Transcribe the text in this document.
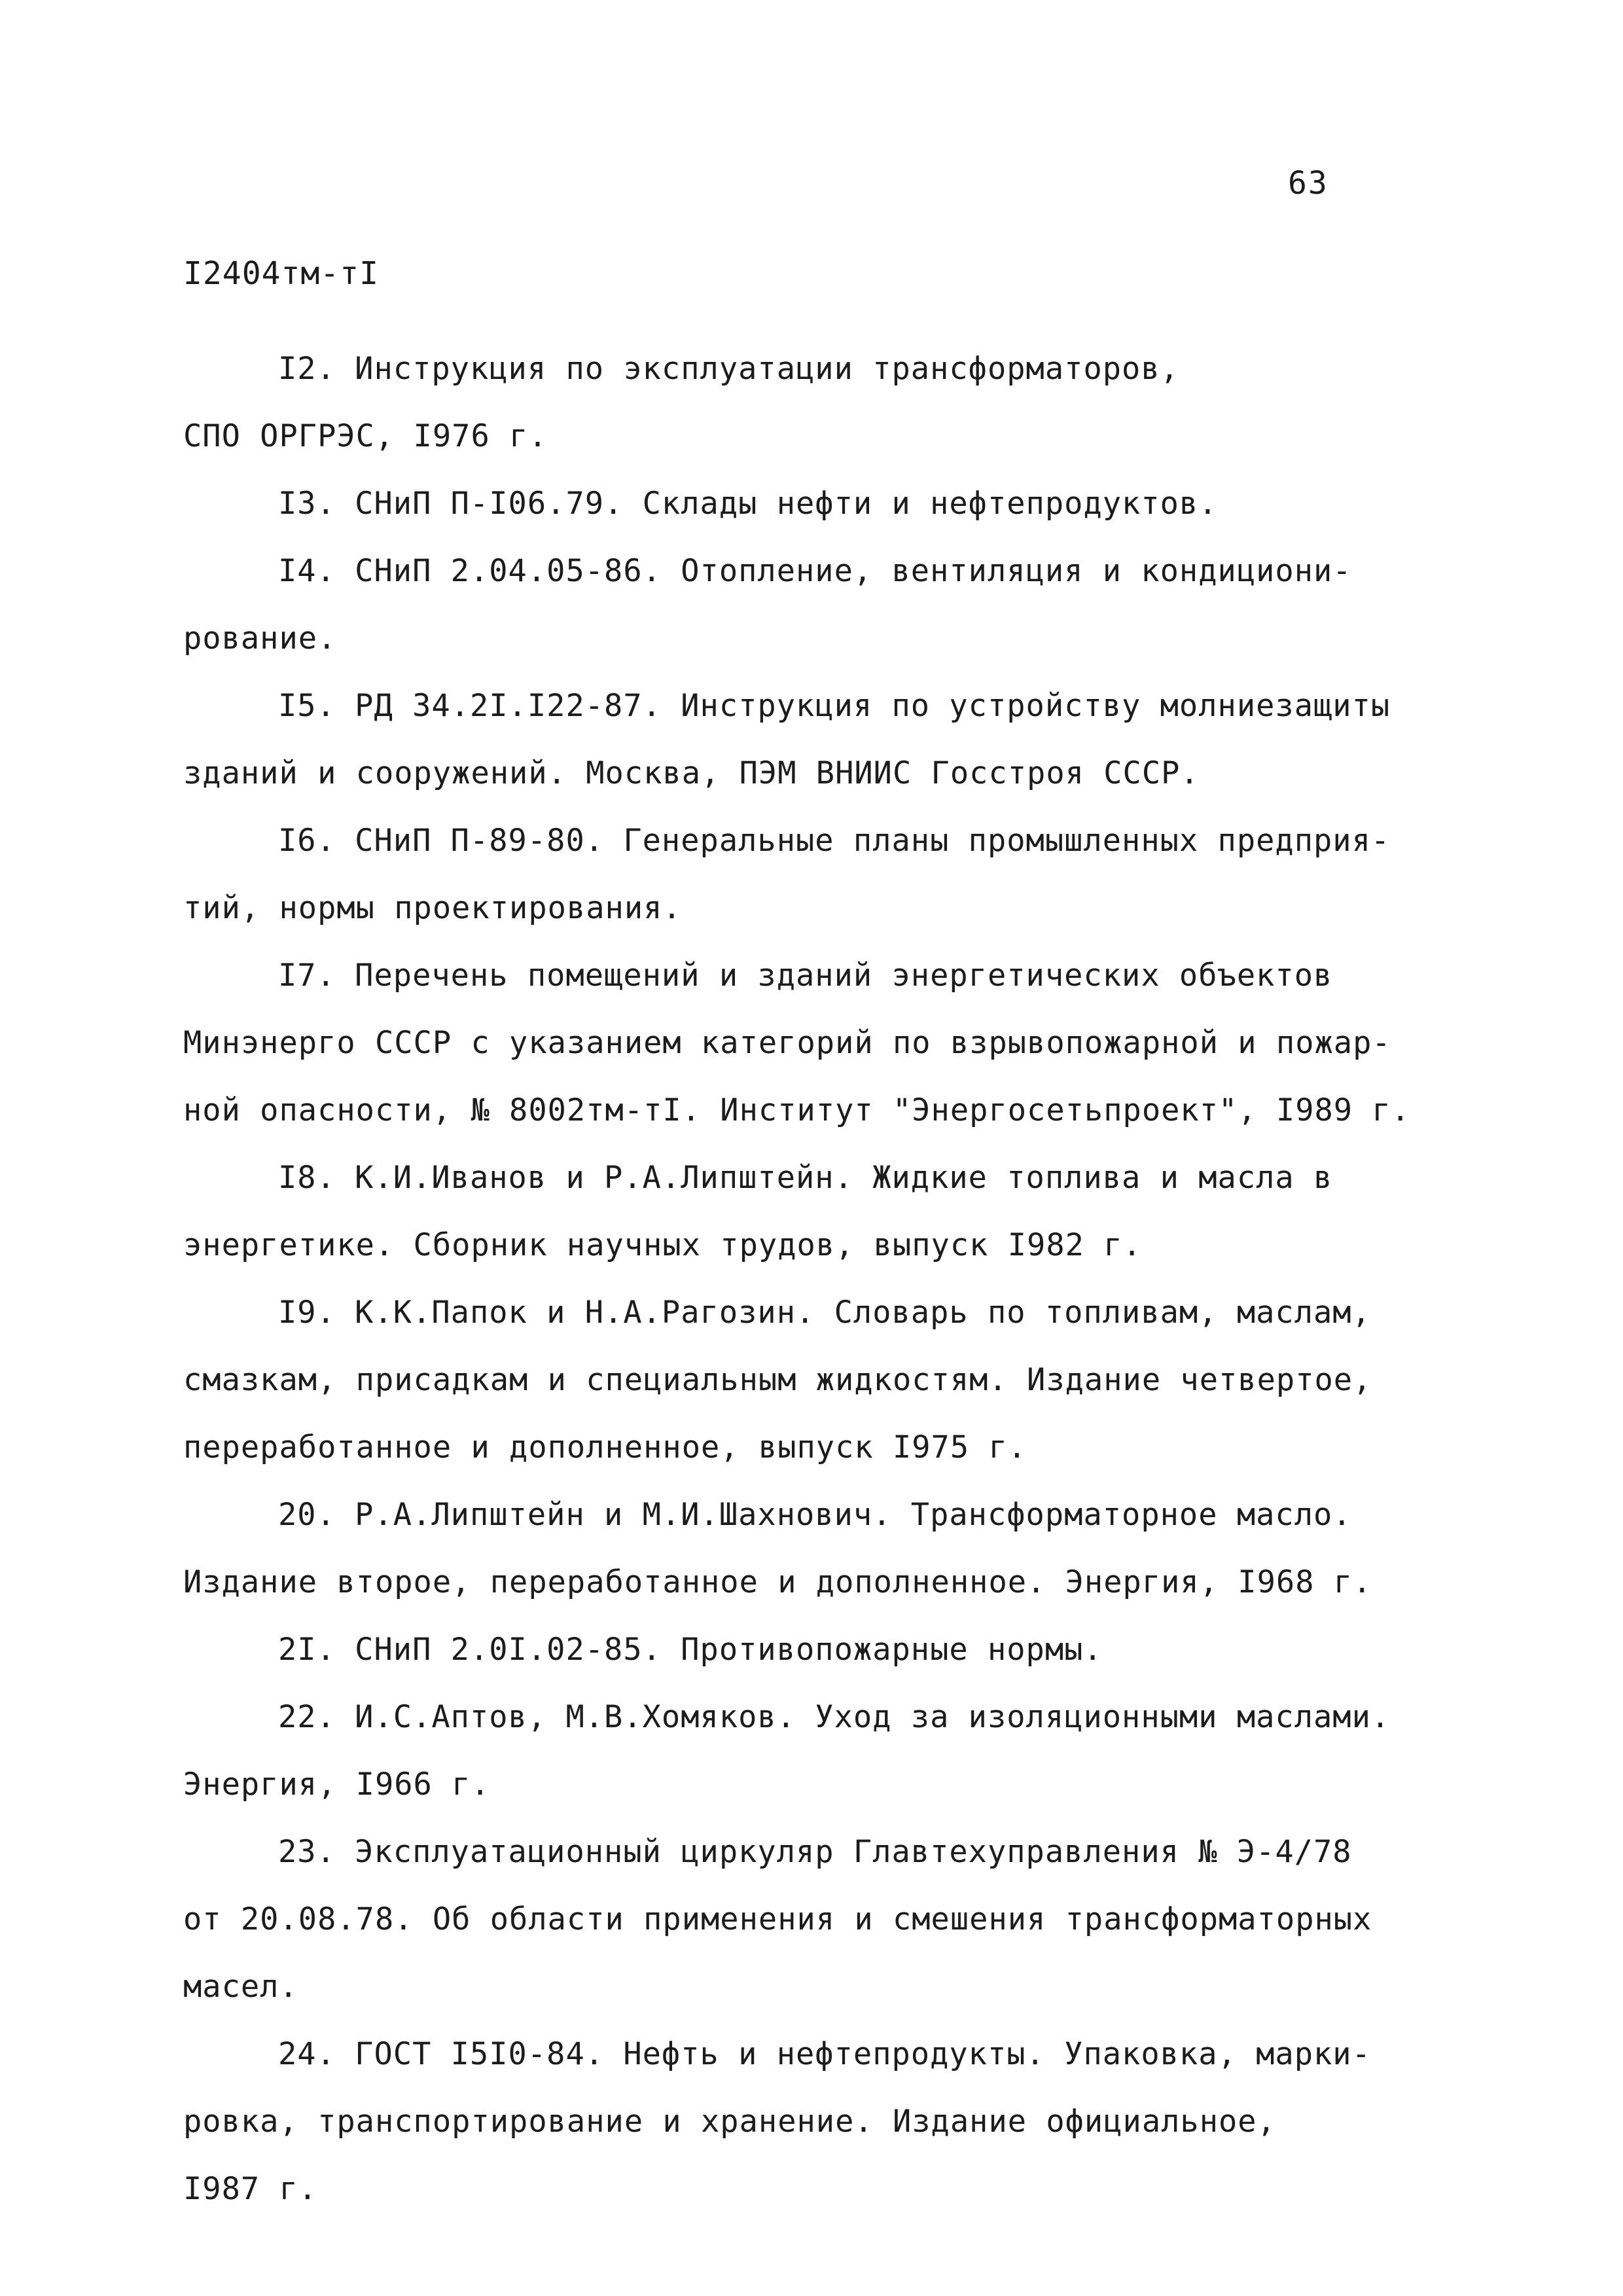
63
I2404тм-тI

I2. Инструкция по эксплуатации трансформаторов,
СПО ОРГРЭС, I976 г.

I3. СНиП П-I06.79. Склады нефти и нефтепродуктов.

I4. СНиП 2.04.05-86. Отопление, вентиляция и кондициони-
рование.

I5. РД 34.2I.I22-87. Инструкция по устройству молниезащиты
зданий и сооружений. Москва, ПЭМ ВНИИС Госстроя СССР.

I6. СНиП П-89-80. Генеральные планы промышленных предприя-
тий, нормы проектирования.

I7. Перечень помещений и зданий энергетических объектов
Минэнерго СССР с указанием категорий по взрывопожарной и пожар-
ной опасности, № 8002тм-тI. Институт "Энергосетьпроект", I989 г.

I8. К.И.Иванов и Р.А.Липштейн. Жидкие топлива и масла в
энергетике. Сборник научных трудов, выпуск I982 г.

I9. К.К.Папок и Н.А.Рагозин. Словарь по топливам, маслам,
смазкам, присадкам и специальным жидкостям. Издание четвертое,
переработанное и дополненное, выпуск I975 г.

20. Р.А.Липштейн и М.И.Шахнович. Трансформаторное масло.
Издание второе, переработанное и дополненное. Энергия, I968 г.

2I. СНиП 2.0I.02-85. Противопожарные нормы.

22. И.С.Аптов, М.В.Хомяков. Уход за изоляционными маслами.
Энергия, I966 г.

23. Эксплуатационный циркуляр Главтехуправления № Э-4/78
от 20.08.78. Об области применения и смешения трансформаторных
масел.

24. ГОСТ I5I0-84. Нефть и нефтепродукты. Упаковка, марки-
ровка, транспортирование и хранение. Издание официальное,
I987 г.
